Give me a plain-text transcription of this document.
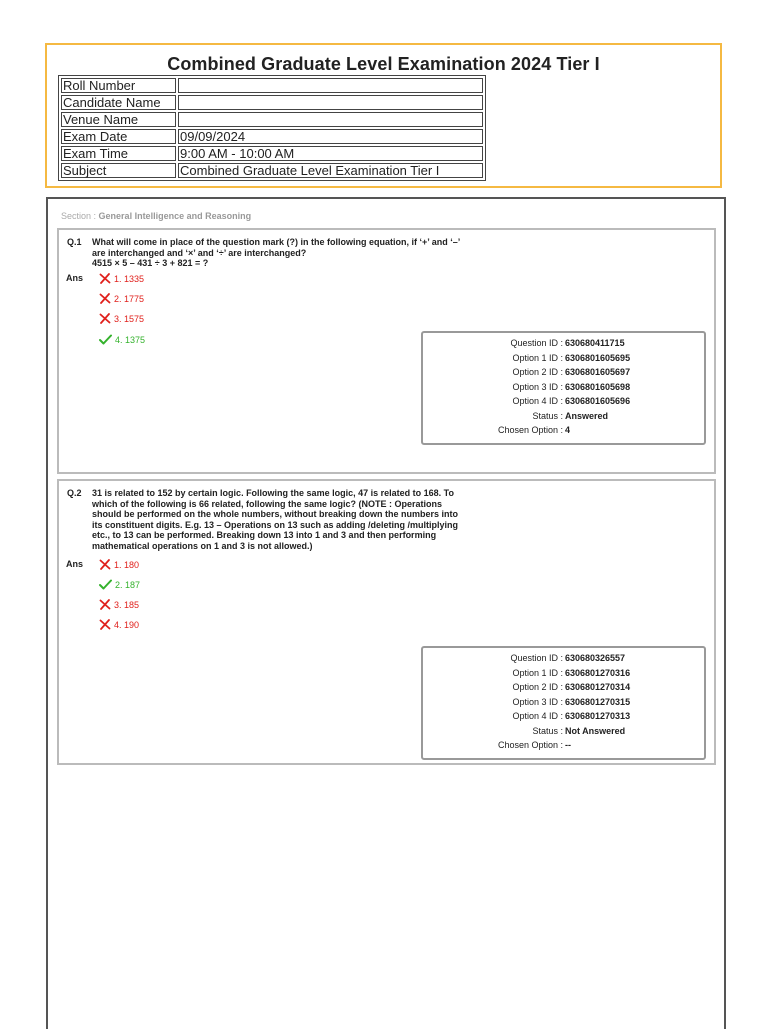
Combined Graduate Level Examination 2024 Tier I
Roll Number	
Candidate Name	
Venue Name	
Exam Date	09/09/2024
Exam Time	9:00 AM - 10:00 AM
Subject	Combined Graduate Level Examination Tier I
Section : General Intelligence and Reasoning
Q.1 What will come in place of the question mark (?) in the following equation, if ‘+’ and ‘–’
are interchanged and ‘×’ and ‘÷’ are interchanged?
4515 × 5 – 431 ÷ 3 + 821 = ?
Ans	1. 1335
2. 1775
3. 1575
4. 1375	Question ID : 630680411715
Option 1 ID : 6306801605695
Option 2 ID : 6306801605697
Option 3 ID : 6306801605698
Option 4 ID : 6306801605696
Status : Answered
Chosen Option : 4
Q.2 31 is related to 152 by certain logic. Following the same logic, 47 is related to 168. To
which of the following is 66 related, following the same logic? (NOTE : Operations
should be performed on the whole numbers, without breaking down the numbers into
its constituent digits. E.g. 13 – Operations on 13 such as adding /deleting /multiplying
etc., to 13 can be performed. Breaking down 13 into 1 and 3 and then performing
mathematical operations on 1 and 3 is not allowed.)
Ans	1. 180
2. 187
3. 185
4. 190
Question ID : 630680326557
Option 1 ID : 6306801270316
Option 2 ID : 6306801270314
Option 3 ID : 6306801270315
Option 4 ID : 6306801270313
Status : Not Answered
Chosen Option : --
